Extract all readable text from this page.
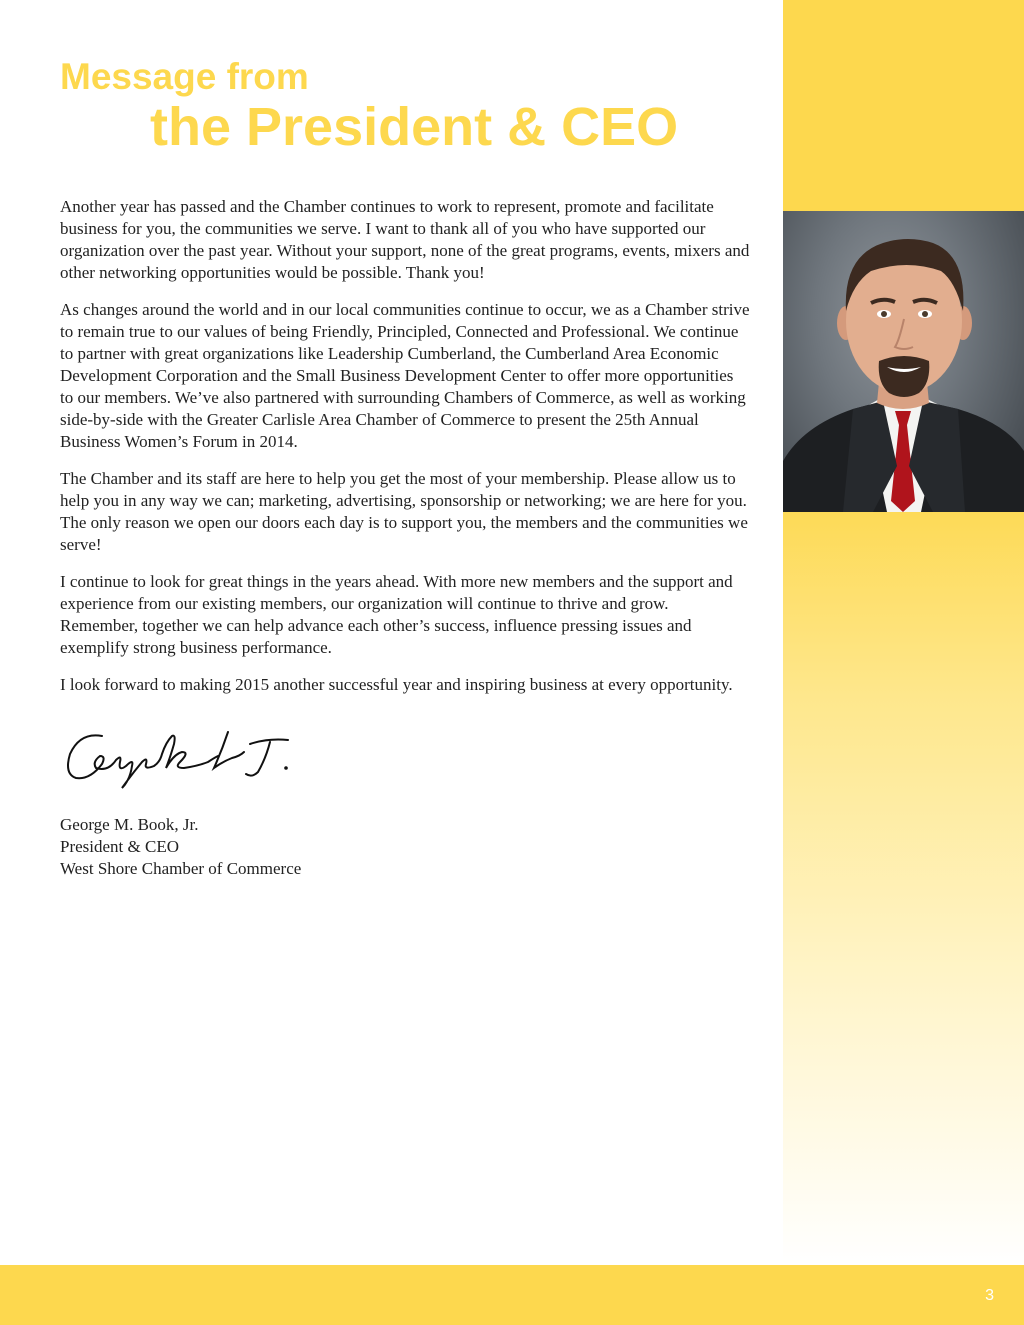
Message from
the President & CEO

Another year has passed and the Chamber continues to work to represent, promote and facilitate business for you, the communities we serve. I want to thank all of you who have supported our organization over the past year. Without your support, none of the great programs, events, mixers and other networking opportunities would be possible. Thank you!

As changes around the world and in our local communities continue to occur, we as a Chamber strive to remain true to our values of being Friendly, Principled, Connected and Professional. We continue to partner with great organizations like Leadership Cumberland, the Cumberland Area Economic Development Corporation and the Small Business Development Center to offer more opportunities to our members. We’ve also partnered with surrounding Chambers of Commerce, as well as working side-by-side with the Greater Carlisle Area Chamber of Commerce to present the 25th Annual Business Women’s Forum in 2014.

The Chamber and its staff are here to help you get the most of your membership. Please allow us to help you in any way we can; marketing, advertising, sponsorship or networking; we are here for you. The only reason we open our doors each day is to support you, the members and the communities we serve!

I continue to look for great things in the years ahead. With more new members and the support and experience from our existing members, our organization will continue to thrive and grow. Remember, together we can help advance each other’s success, influence pressing issues and exemplify strong business performance.

I look forward to making 2015 another successful year and inspiring business at every opportunity.

George M. Book, Jr.
President & CEO
West Shore Chamber of Commerce
3
